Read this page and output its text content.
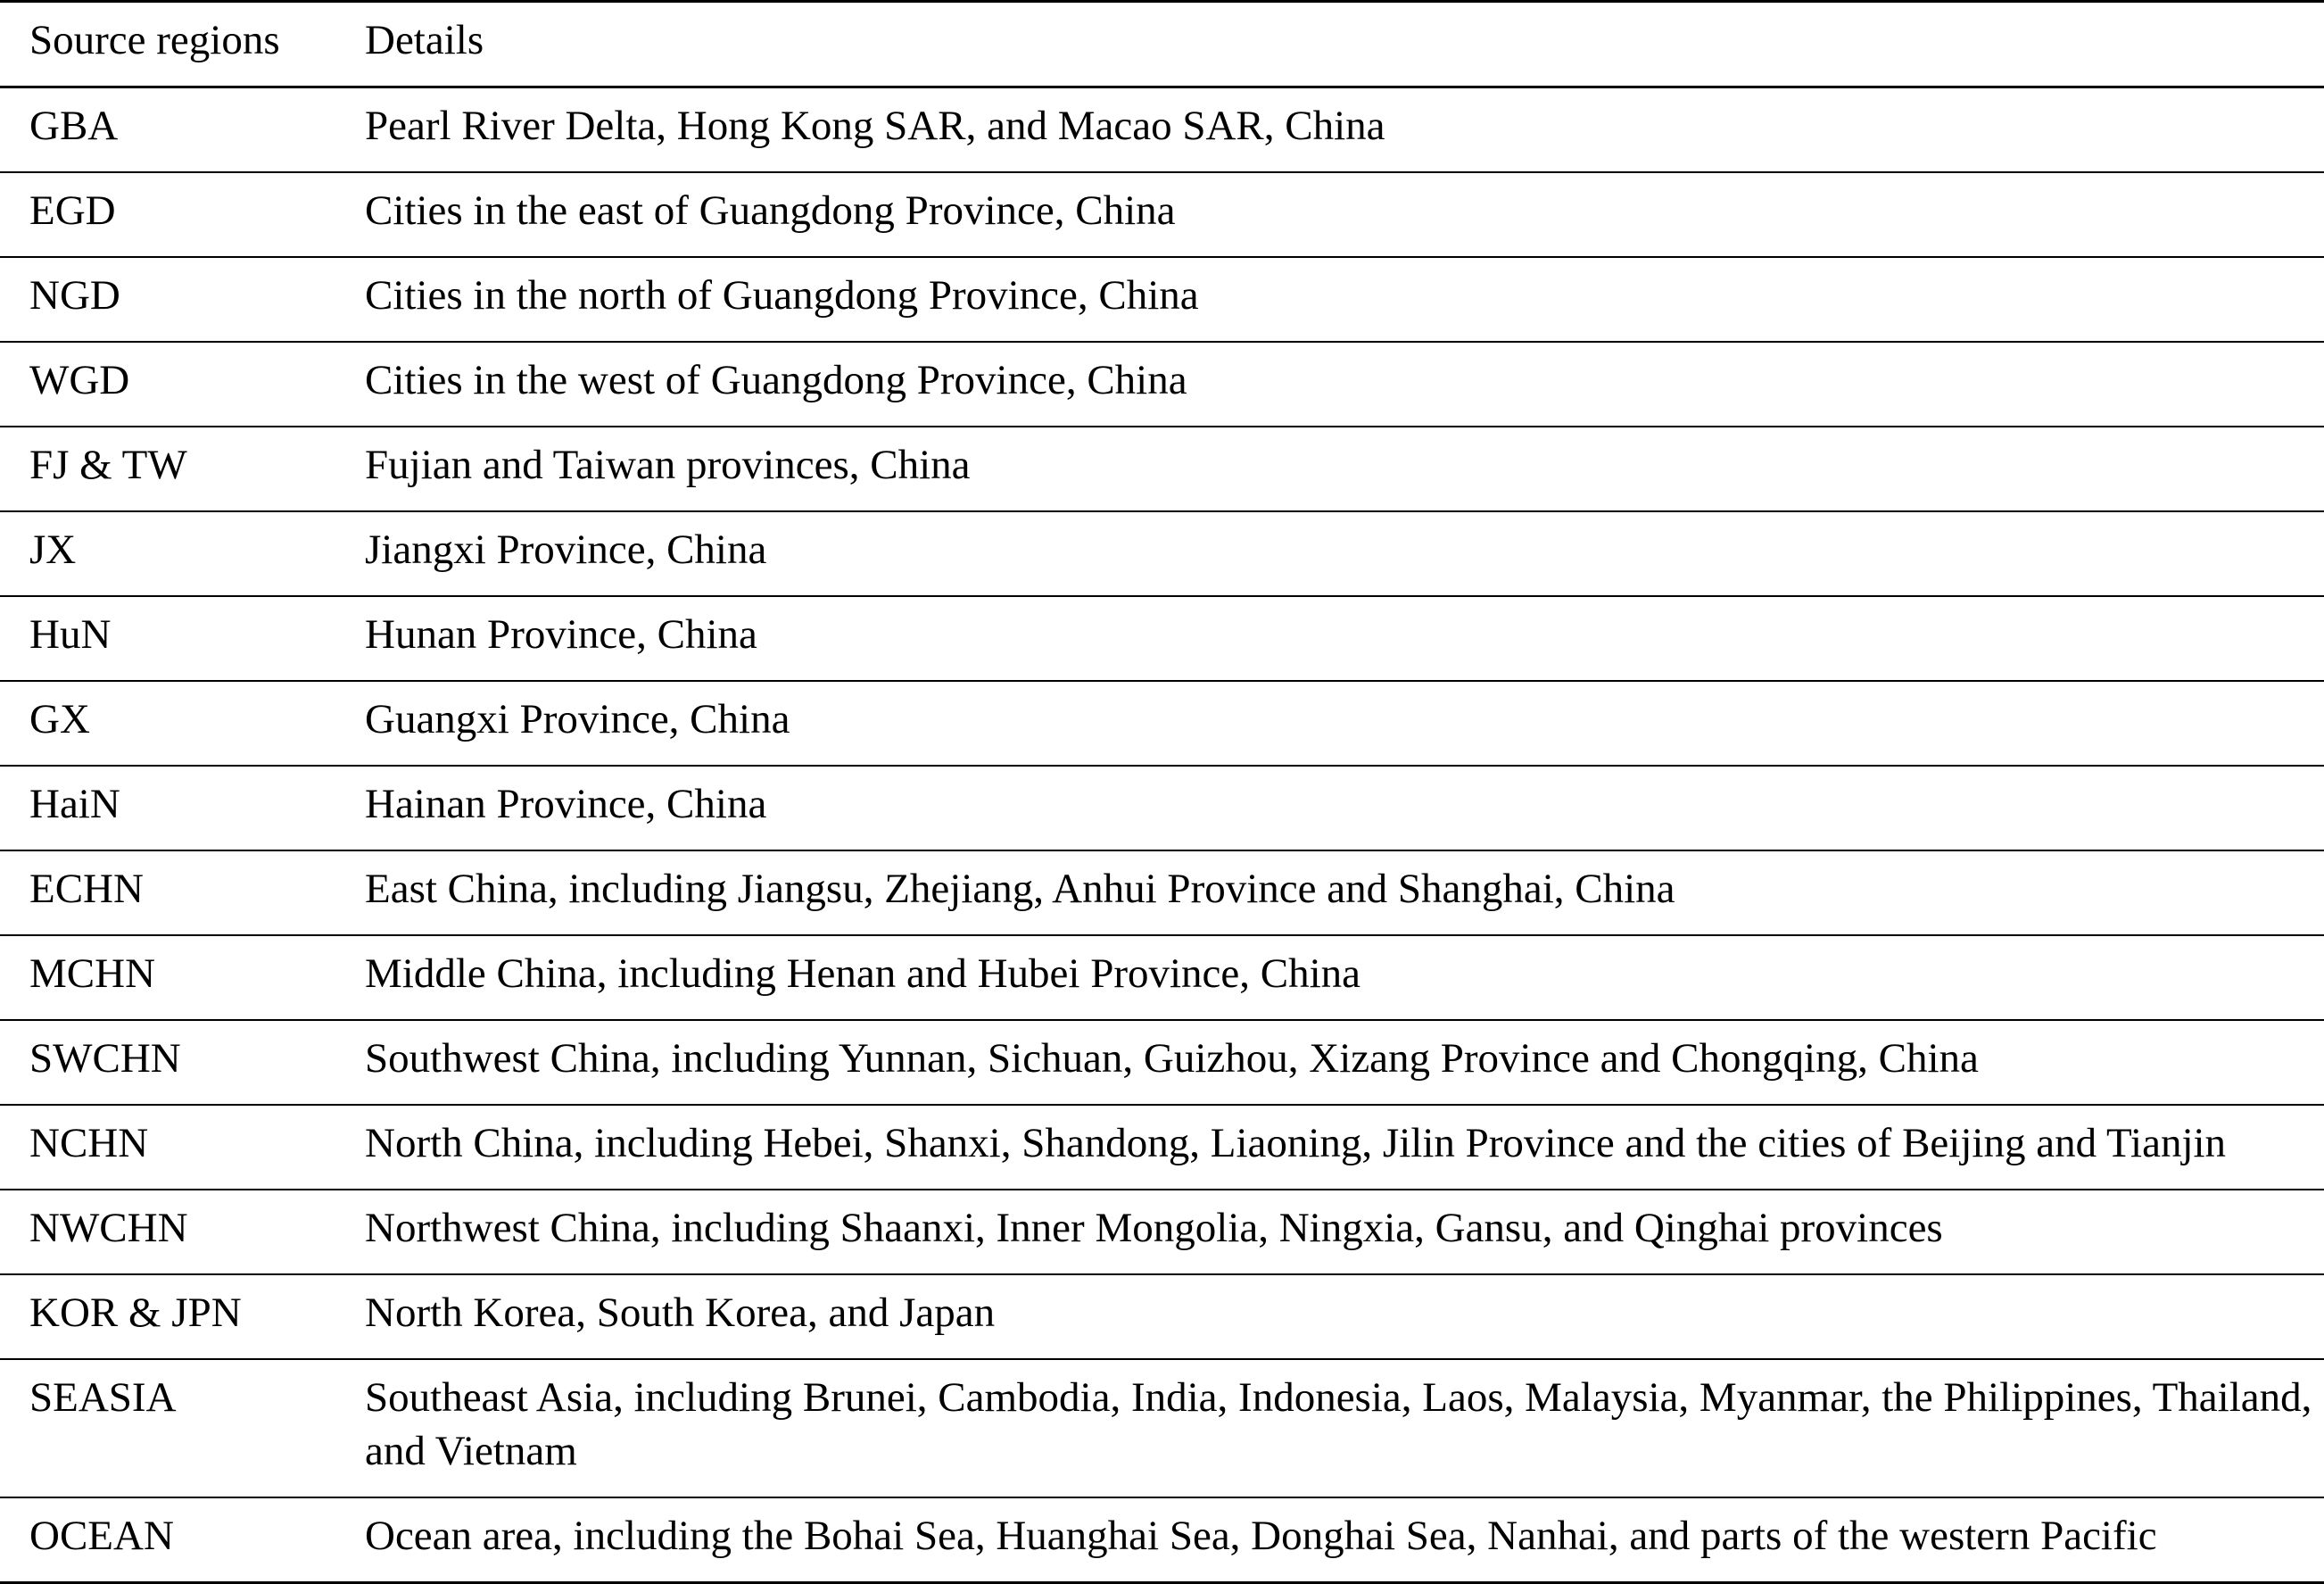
Source regions	Details
GBA	Pearl River Delta, Hong Kong SAR, and Macao SAR, China
EGD	Cities in the east of Guangdong Province, China
NGD	Cities in the north of Guangdong Province, China
WGD	Cities in the west of Guangdong Province, China
FJ & TW	Fujian and Taiwan provinces, China
JX	Jiangxi Province, China
HuN	Hunan Province, China
GX	Guangxi Province, China
HaiN	Hainan Province, China
ECHN	East China, including Jiangsu, Zhejiang, Anhui Province and Shanghai, China
MCHN	Middle China, including Henan and Hubei Province, China
SWCHN	Southwest China, including Yunnan, Sichuan, Guizhou, Xizang Province and Chongqing, China
NCHN	North China, including Hebei, Shanxi, Shandong, Liaoning, Jilin Province and the cities of Beijing and Tianjin
NWCHN	Northwest China, including Shaanxi, Inner Mongolia, Ningxia, Gansu, and Qinghai provinces
KOR & JPN	North Korea, South Korea, and Japan
SEASIA	Southeast Asia, including Brunei, Cambodia, India, Indonesia, Laos, Malaysia, Myanmar, the Philippines, Thailand, and Vietnam
OCEAN	Ocean area, including the Bohai Sea, Huanghai Sea, Donghai Sea, Nanhai, and parts of the western Pacific
